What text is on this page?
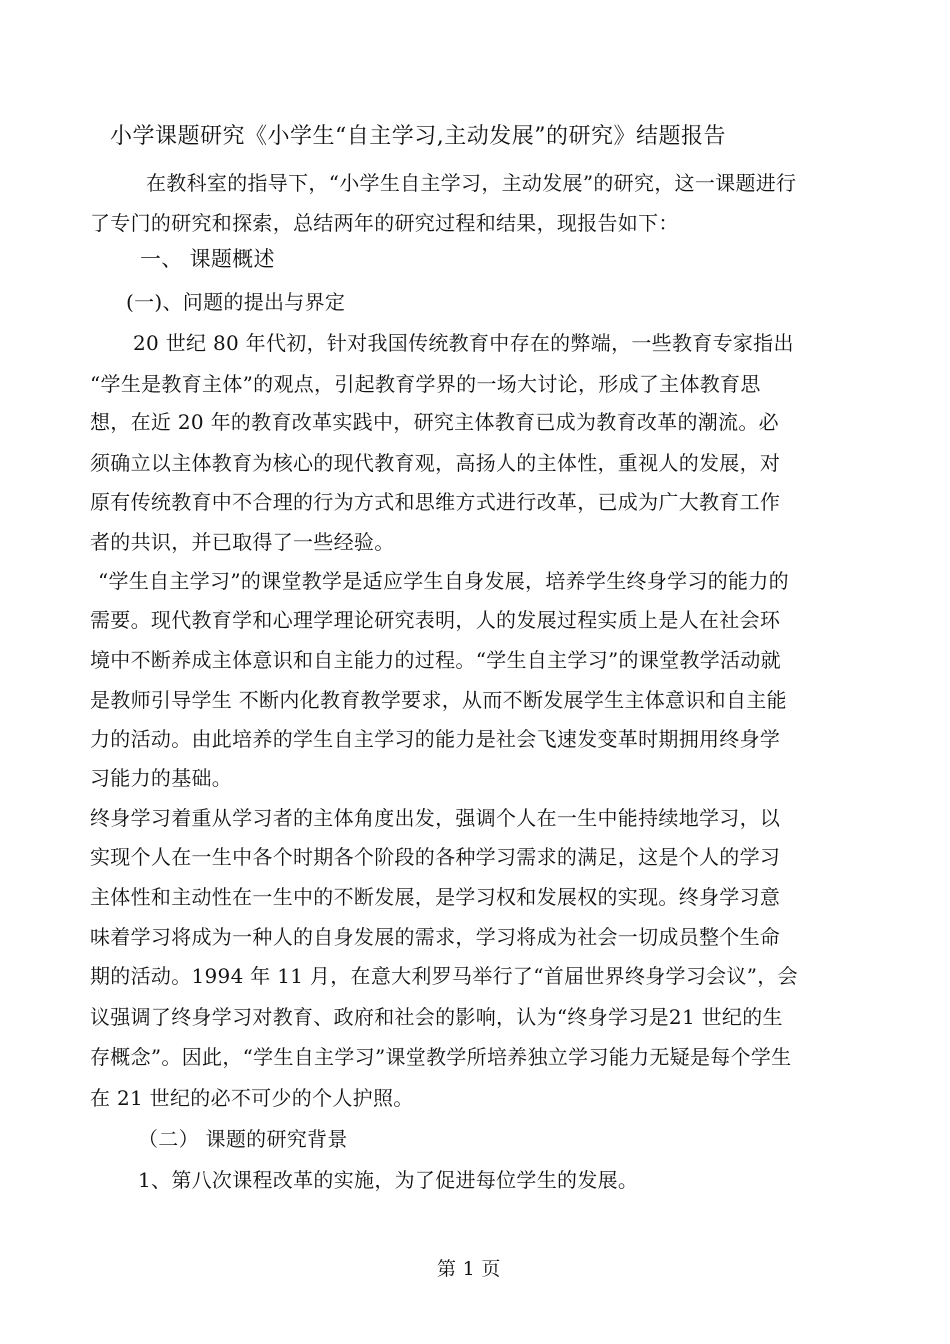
小学课题研究《小学生“自主学习,主动发展”的研究》结题报告
在教科室的指导下，“小学生自主学习，主动发展”的研究，这一课题进行
了专门的研究和探索，总结两年的研究过程和结果，现报告如下：
一、 课题概述
(一)、问题的提出与界定
20 世纪 80 年代初，针对我国传统教育中存在的弊端，一些教育专家指出
“学生是教育主体”的观点，引起教育学界的一场大讨论，形成了主体教育思
想，在近 20 年的教育改革实践中，研究主体教育已成为教育改革的潮流。必
须确立以主体教育为核心的现代教育观，高扬人的主体性，重视人的发展，对
原有传统教育中不合理的行为方式和思维方式进行改革，已成为广大教育工作
者的共识，并已取得了一些经验。
“学生自主学习”的课堂教学是适应学生自身发展，培养学生终身学习的能力的
需要。现代教育学和心理学理论研究表明，人的发展过程实质上是人在社会环
境中不断养成主体意识和自主能力的过程。“学生自主学习”的课堂教学活动就
是教师引导学生 不断内化教育教学要求，从而不断发展学生主体意识和自主能
力的活动。由此培养的学生自主学习的能力是社会飞速发变革时期拥用终身学
习能力的基础。
终身学习着重从学习者的主体角度出发，强调个人在一生中能持续地学习，以
实现个人在一生中各个时期各个阶段的各种学习需求的满足，这是个人的学习
主体性和主动性在一生中的不断发展，是学习权和发展权的实现。终身学习意
味着学习将成为一种人的自身发展的需求，学习将成为社会一切成员整个生命
期的活动。1994 年 11 月，在意大利罗马举行了“首届世界终身学习会议”，会
议强调了终身学习对教育、政府和社会的影响，认为“终身学习是21 世纪的生
存概念”。因此，“学生自主学习”课堂教学所培养独立学习能力无疑是每个学生
在 21 世纪的必不可少的个人护照。
（二） 课题的研究背景
1、第八次课程改革的实施，为了促进每位学生的发展。
第 1 页
